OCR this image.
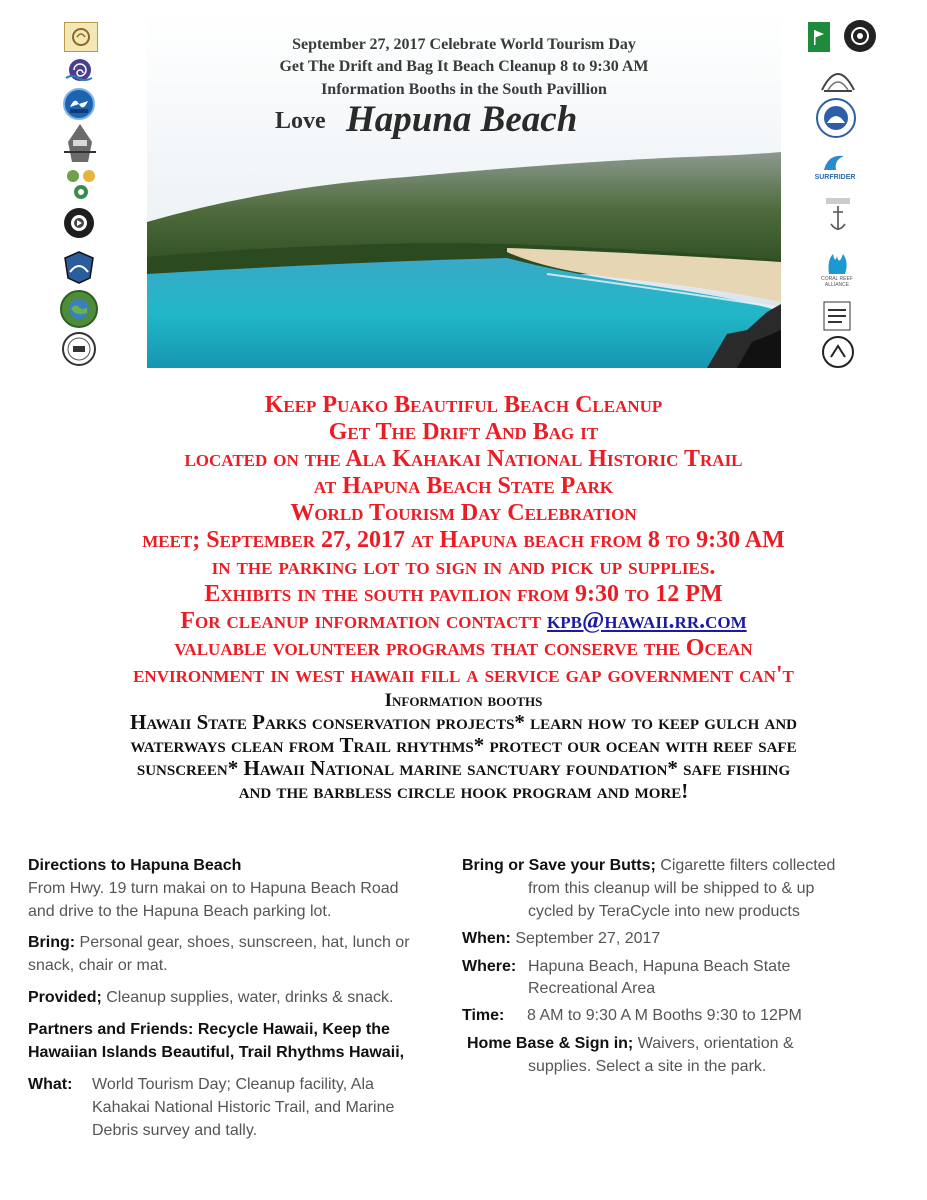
September 27, 2017 Celebrate World Tourism Day
Get The Drift and Bag It Beach Cleanup 8 to 9:30 AM
Information Booths in the South Pavillion
Love Hapuna Beach
SURFRIDER
CORAL REEF ALLIANCE
Keep Puako Beautiful Beach Cleanup
Get The Drift And Bag it
located on the Ala Kahakai National Historic Trail
at Hapuna Beach State Park
World Tourism Day Celebration
meet; September 27, 2017 at Hapuna beach from 8 to 9:30 AM
in the parking lot to sign in and pick up supplies.
Exhibits in the south pavilion from 9:30 to 12 PM
For cleanup information contactt kpb@hawaii.rr.com
valuable volunteer programs that conserve the Ocean
environment in west hawaii fill a service gap government can't
Information booths
Hawaii State Parks conservation projects* learn how to keep gulch and
waterways clean from Trail rhythms* protect our ocean with reef safe
sunscreen* Hawaii National marine sanctuary foundation* safe fishing
and the barbless circle hook program and more!
Directions to Hapuna Beach
From Hwy. 19 turn makai on to Hapuna Beach Road
and drive to the Hapuna Beach parking lot.
Bring: Personal gear, shoes, sunscreen, hat, lunch or
snack, chair or mat.
Provided; Cleanup supplies, water, drinks & snack.
Partners and Friends: Recycle Hawaii, Keep the
Hawaiian Islands Beautiful, Trail Rhythms Hawaii,
What: World Tourism Day; Cleanup facility, Ala
Kahakai National Historic Trail, and Marine
Debris survey and tally.
Bring or Save your Butts; Cigarette filters collected
from this cleanup will be shipped to & up
cycled by TeraCycle into new products
When: September 27, 2017
Where: Hapuna Beach, Hapuna Beach State
Recreational Area
Time: 8 AM to 9:30 A M Booths 9:30 to 12PM
Home Base & Sign in; Waivers, orientation &
supplies. Select a site in the park.
